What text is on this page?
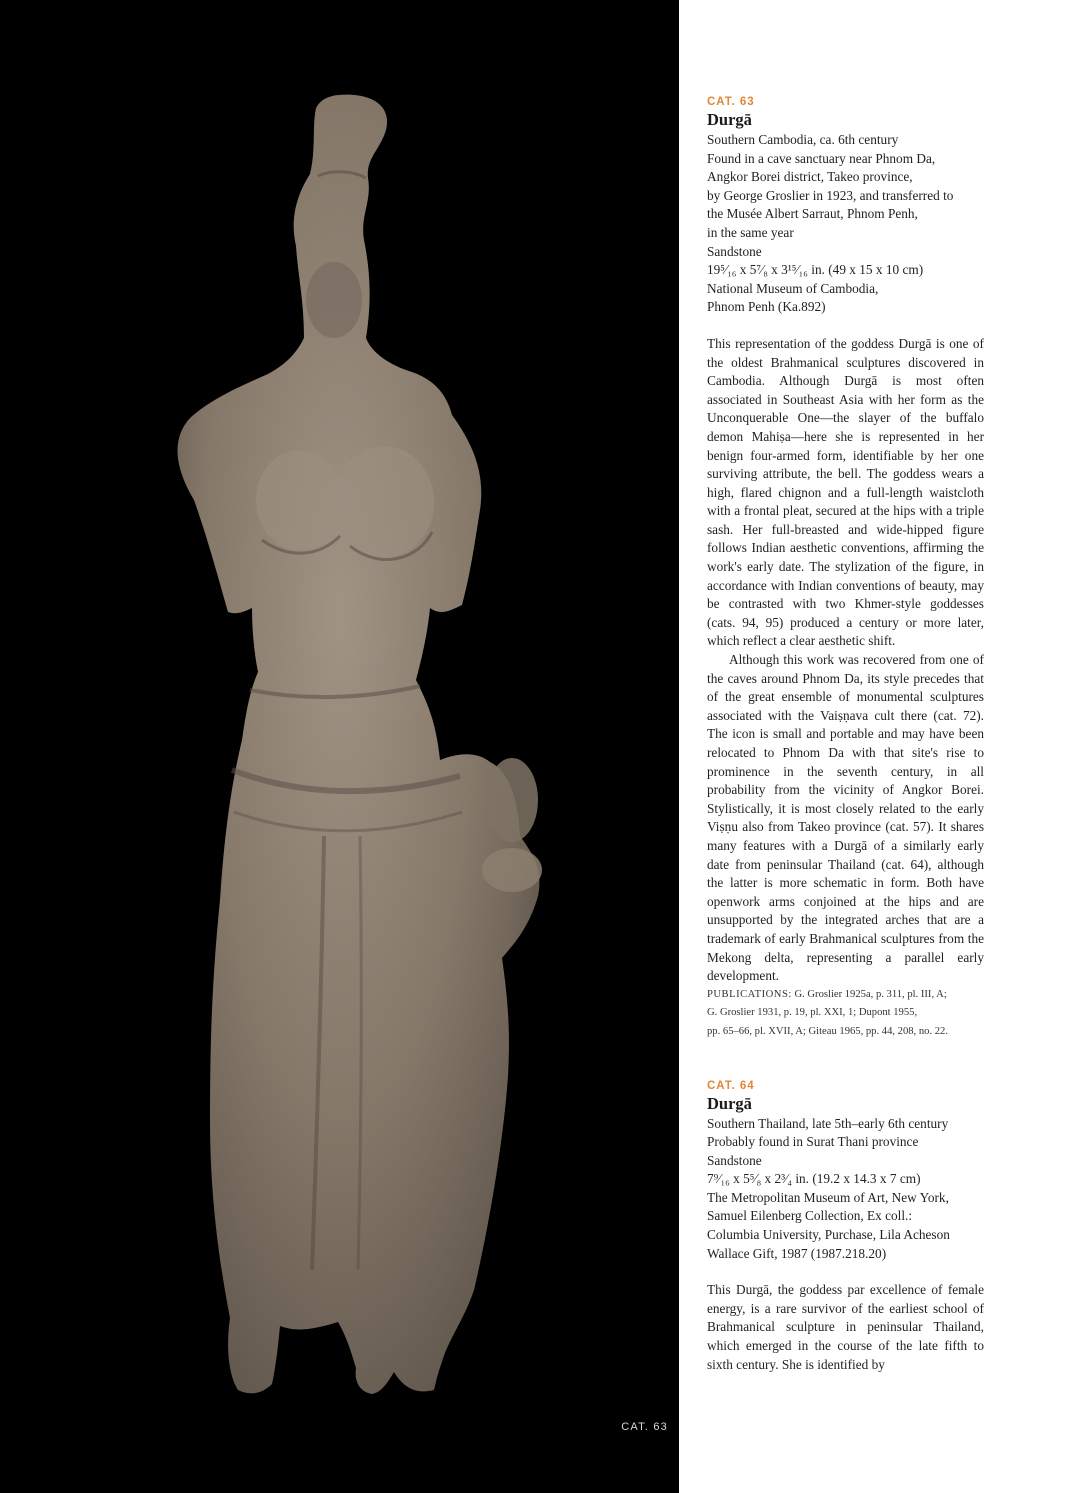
CAT. 63

CAT. 63

Durgā

Southern Cambodia, ca. 6th century

Found in a cave sanctuary near Phnom Da,

Angkor Borei district, Takeo province,

by George Groslier in 1923, and transferred to

the Musée Albert Sarraut, Phnom Penh,

in the same year

Sandstone

19⁵⁄₁₆ x 5⁷⁄₈ x 3¹⁵⁄₁₆ in. (49 x 15 x 10 cm)

National Museum of Cambodia,

Phnom Penh (Ka.892)

This representation of the goddess Durgā is one of the oldest Brahmanical sculptures discovered in Cambodia. Although Durgā is most often associated in Southeast Asia with her form as the Unconquerable One—the slayer of the buffalo demon Mahiṣa—here she is represented in her benign four-armed form, identifiable by her one surviving attribute, the bell. The goddess wears a high, flared chignon and a full-length waistcloth with a frontal pleat, secured at the hips with a triple sash. Her full-breasted and wide-hipped figure follows Indian aesthetic conventions, affirming the work's early date. The stylization of the figure, in accordance with Indian conventions of beauty, may be contrasted with two Khmer-style goddesses (cats. 94, 95) produced a century or more later, which reflect a clear aesthetic shift.

Although this work was recovered from one of the caves around Phnom Da, its style precedes that of the great ensemble of monumental sculptures associated with the Vaiṣṇava cult there (cat. 72). The icon is small and portable and may have been relocated to Phnom Da with that site's rise to prominence in the seventh century, in all probability from the vicinity of Angkor Borei. Stylistically, it is most closely related to the early Viṣṇu also from Takeo province (cat. 57). It shares many features with a Durgā of a similarly early date from peninsular Thailand (cat. 64), although the latter is more schematic in form. Both have openwork arms conjoined at the hips and are unsupported by the integrated arches that are a trademark of early Brahmanical sculptures from the Mekong delta, representing a parallel early development.

PUBLICATIONS: G. Groslier 1925a, p. 311, pl. III, A;

G. Groslier 1931, p. 19, pl. XXI, 1; Dupont 1955,

pp. 65–66, pl. XVII, A; Giteau 1965, pp. 44, 208, no. 22.

CAT. 64

Durgā

Southern Thailand, late 5th–early 6th century

Probably found in Surat Thani province

Sandstone

7⁹⁄₁₆ x 5⁵⁄₈ x 2³⁄₄ in. (19.2 x 14.3 x 7 cm)

The Metropolitan Museum of Art, New York,

Samuel Eilenberg Collection, Ex coll.:

Columbia University, Purchase, Lila Acheson

Wallace Gift, 1987 (1987.218.20)

This Durgā, the goddess par excellence of female energy, is a rare survivor of the earliest school of Brahmanical sculpture in peninsular Thailand, which emerged in the course of the late fifth to sixth century. She is identified by
